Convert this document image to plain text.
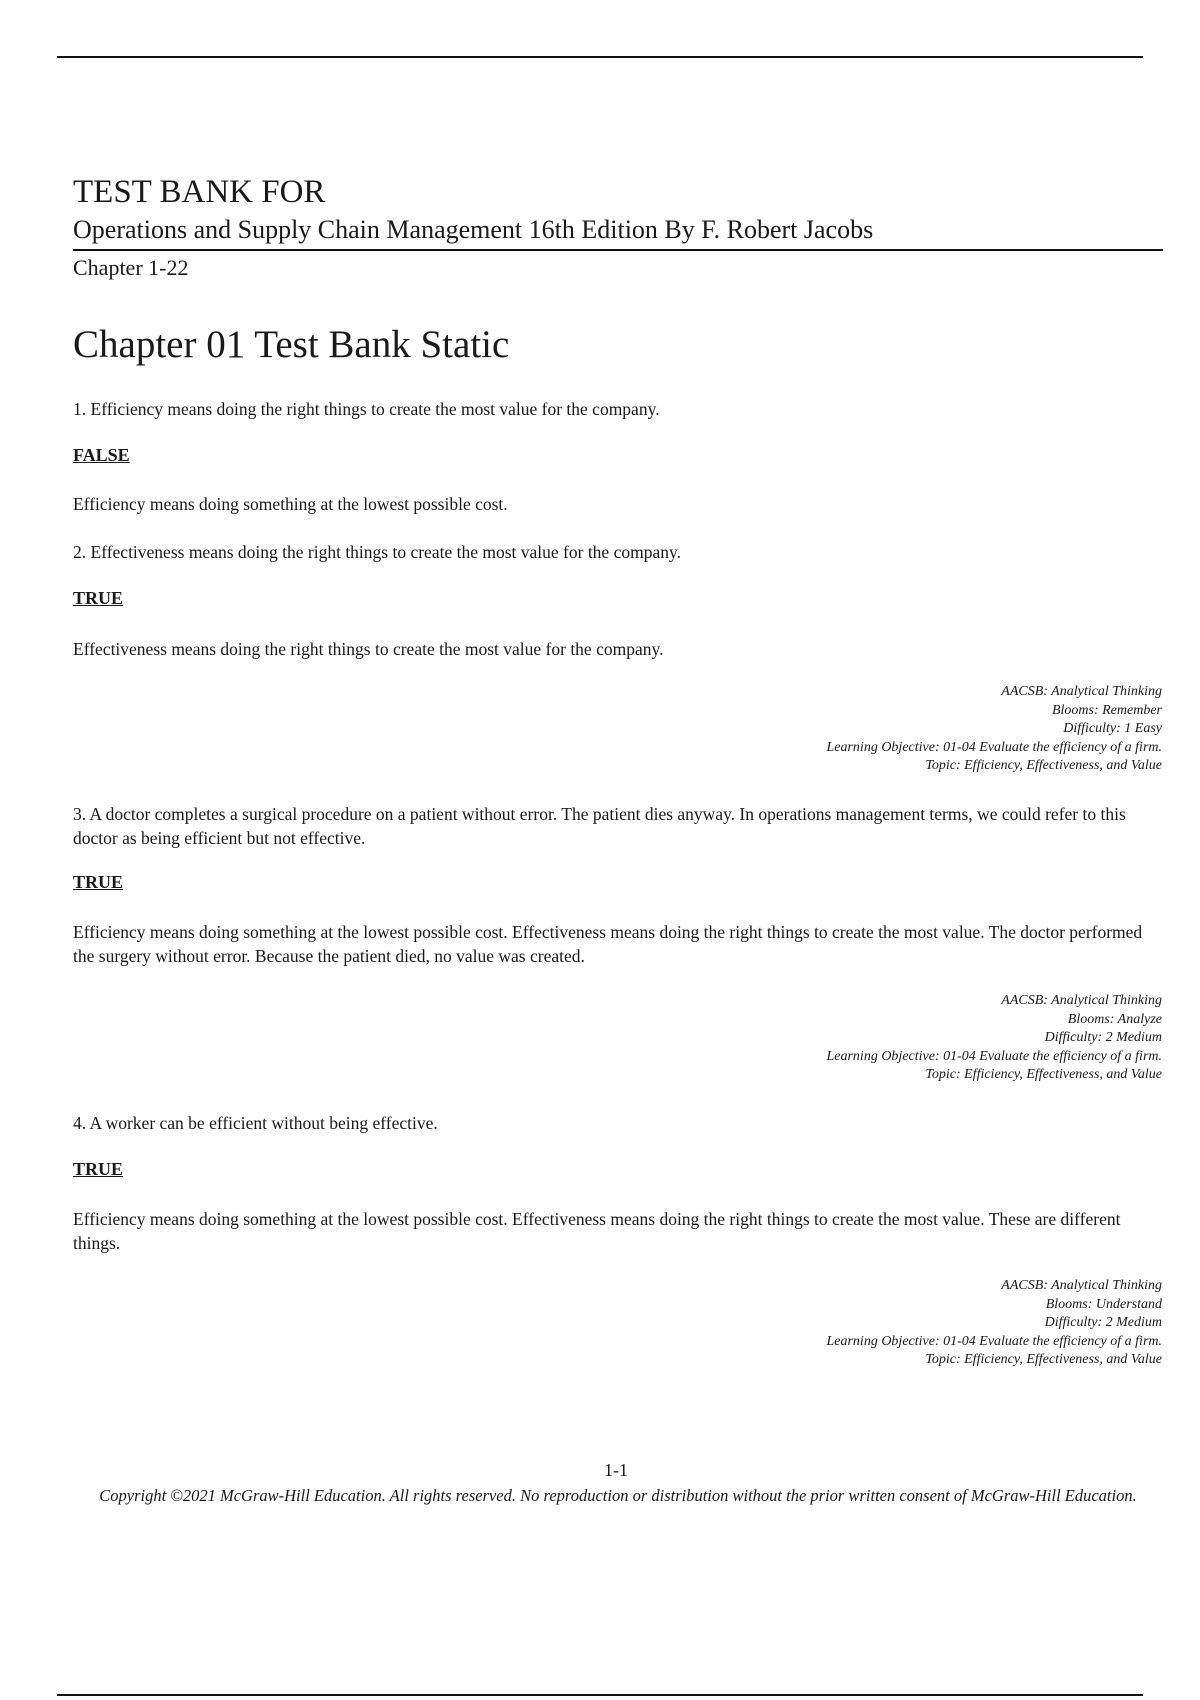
TEST BANK FOR
Operations and Supply Chain Management 16th Edition By F. Robert Jacobs
Chapter 1-22
Chapter 01 Test Bank Static

1. Efficiency means doing the right things to create the most value for the company.

FALSE

Efficiency means doing something at the lowest possible cost.

2. Effectiveness means doing the right things to create the most value for the company.

TRUE

Effectiveness means doing the right things to create the most value for the company.

AACSB: Analytical Thinking
Blooms: Remember
Difficulty: 1 Easy
Learning Objective: 01-04 Evaluate the efficiency of a firm.
Topic: Efficiency, Effectiveness, and Value

3. A doctor completes a surgical procedure on a patient without error. The patient dies anyway. In operations management terms, we could refer to this doctor as being efficient but not effective.

TRUE

Efficiency means doing something at the lowest possible cost. Effectiveness means doing the right things to create the most value. The doctor performed the surgery without error. Because the patient died, no value was created.

AACSB: Analytical Thinking
Blooms: Analyze
Difficulty: 2 Medium
Learning Objective: 01-04 Evaluate the efficiency of a firm.
Topic: Efficiency, Effectiveness, and Value

4. A worker can be efficient without being effective.

TRUE

Efficiency means doing something at the lowest possible cost. Effectiveness means doing the right things to create the most value. These are different things.

AACSB: Analytical Thinking
Blooms: Understand
Difficulty: 2 Medium
Learning Objective: 01-04 Evaluate the efficiency of a firm.
Topic: Efficiency, Effectiveness, and Value
1-1
Copyright ©2021 McGraw-Hill Education. All rights reserved. No reproduction or distribution without the prior written consent of McGraw-Hill Education.
